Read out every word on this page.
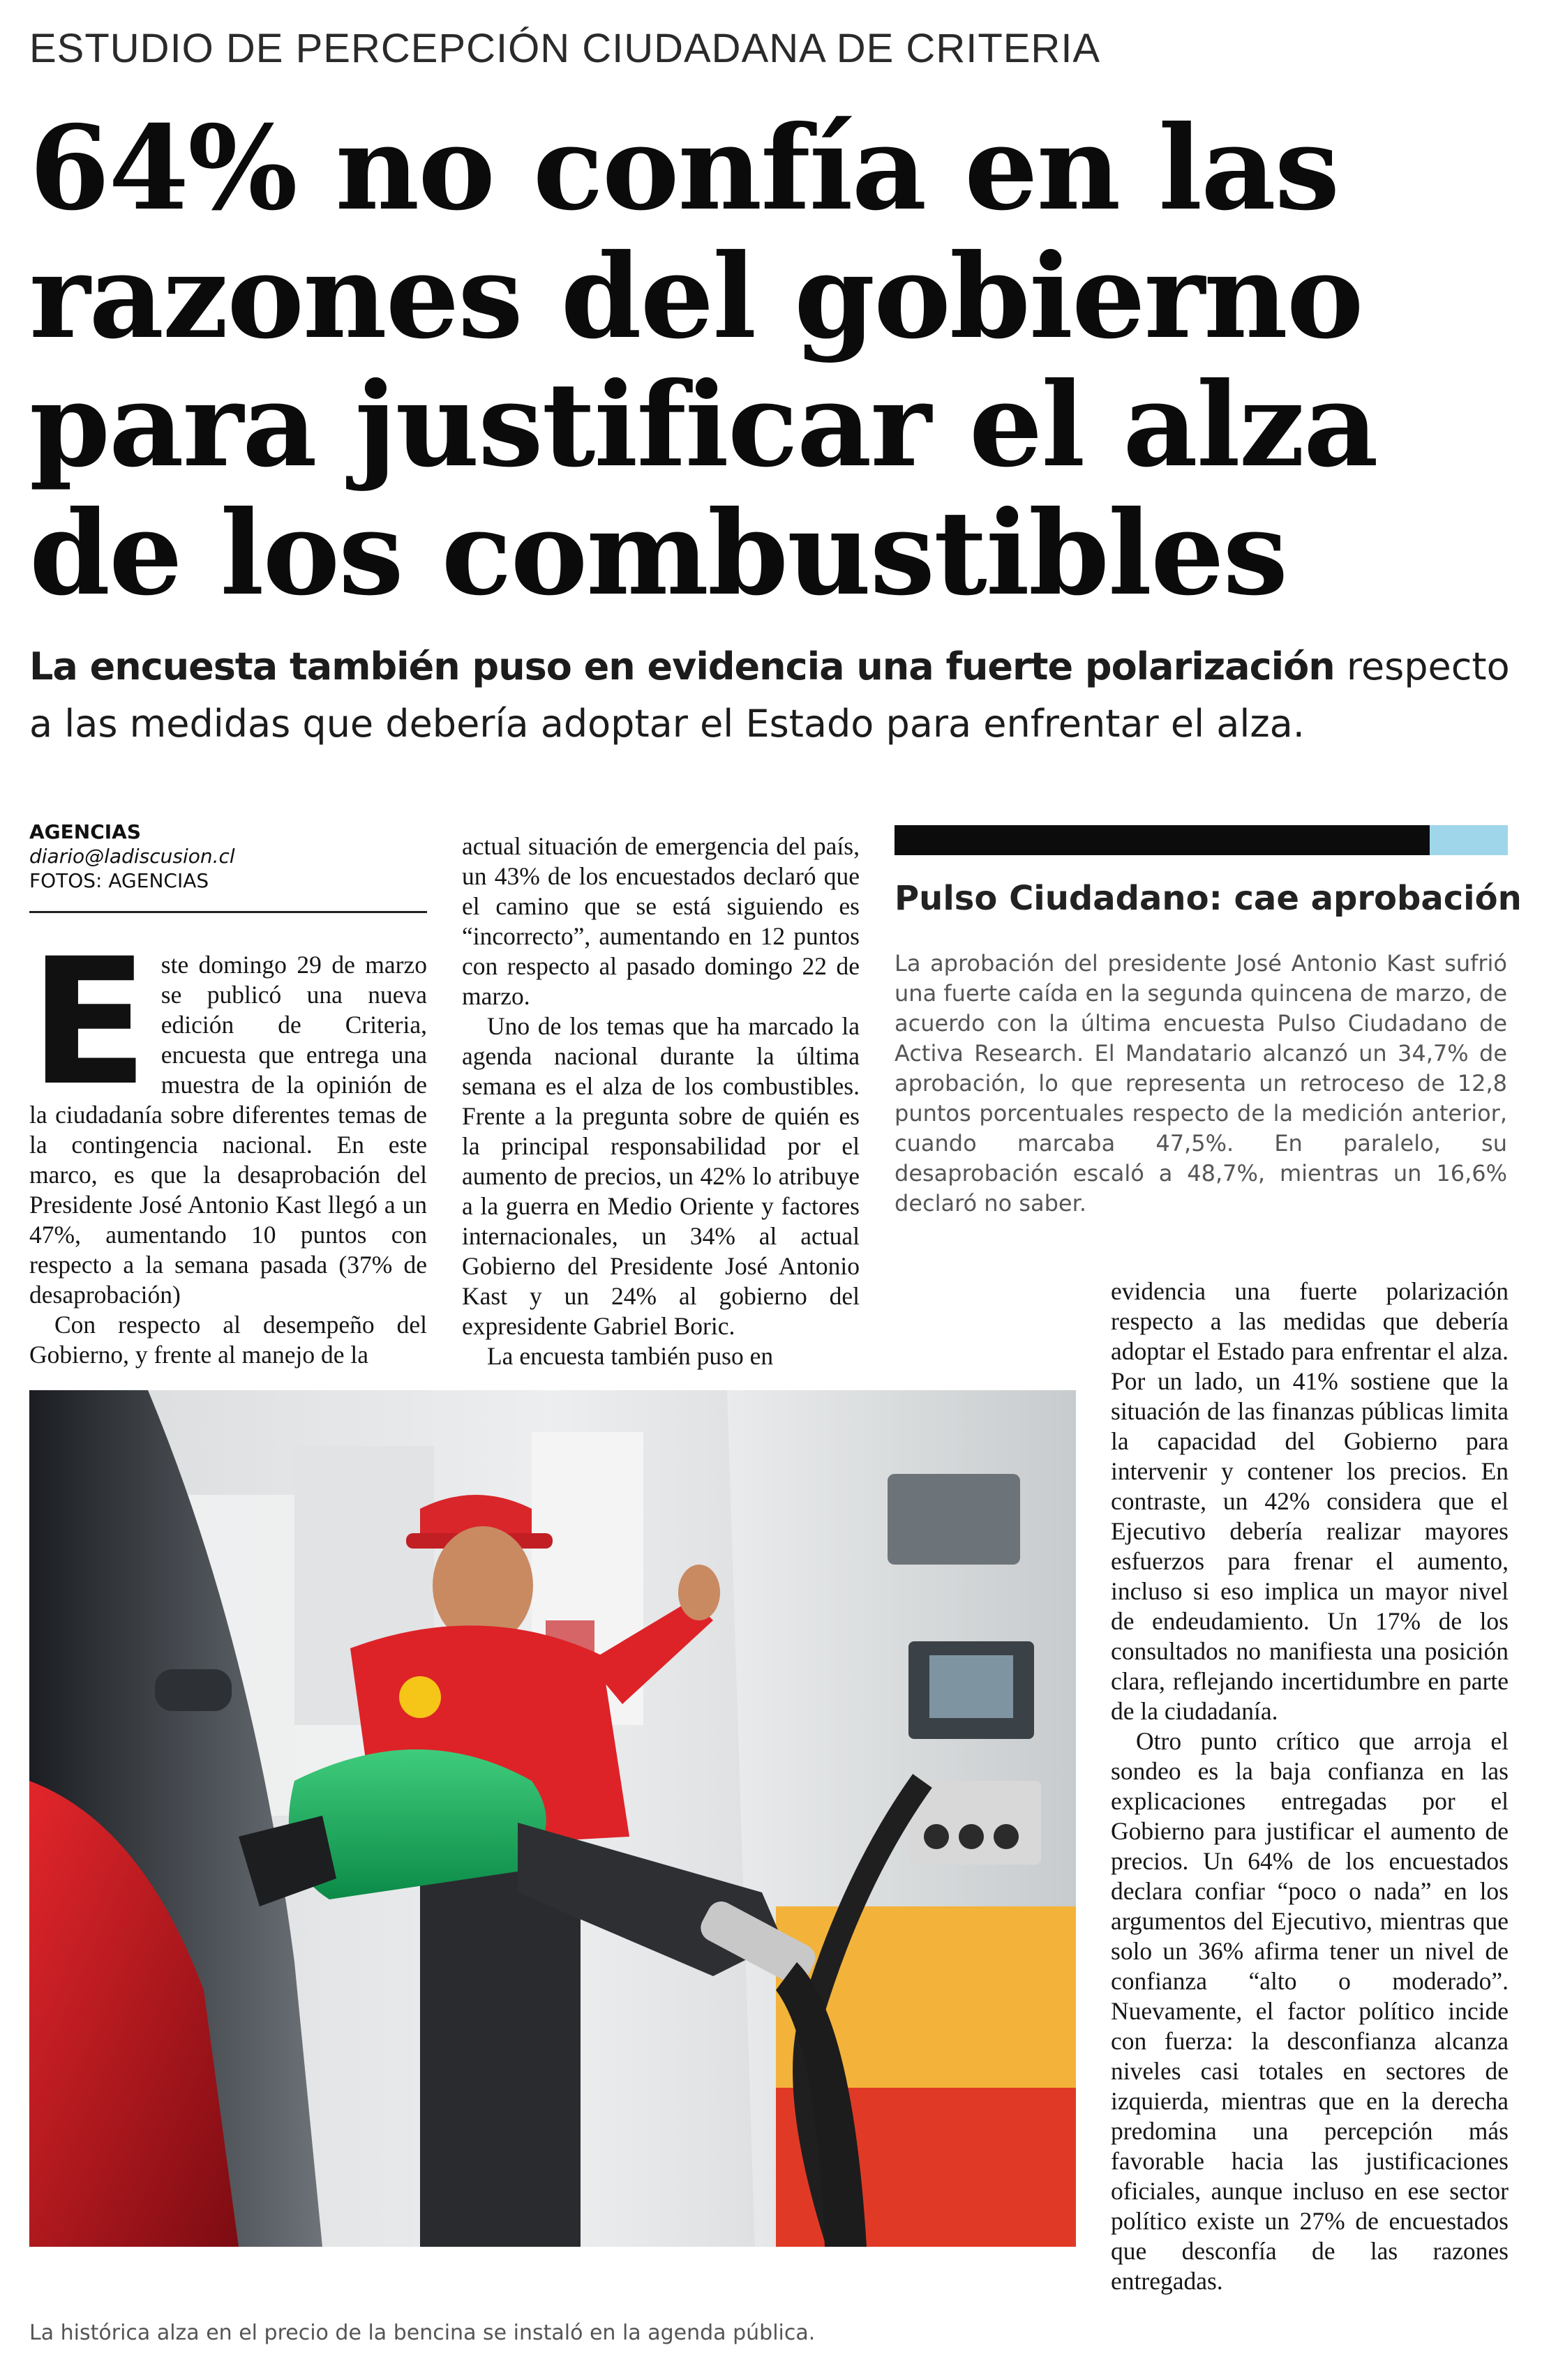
ESTUDIO DE PERCEPCIÓN CIUDADANA DE CRITERIA
64% no confía en las
razones del gobierno
para justificar el alza
de los combustibles

La encuesta también puso en evidencia una fuerte polarización respecto a las medidas que debería adoptar el Estado para enfrentar el alza.

AGENCIAS
diario@ladiscusion.cl
FOTOS: AGENCIAS

Este domingo 29 de marzo se publicó una nueva edición de Criteria, encuesta que entrega una muestra de la opinión de la ciudadanía sobre diferentes temas de la contingencia nacional. En este marco, es que la desaprobación del Presidente José Antonio Kast llegó a un 47%, aumentando 10 puntos con respecto a la semana pasada (37% de desaprobación)

Con respecto al desempeño del Gobierno, y frente al manejo de la

actual situación de emergencia del país, un 43% de los encuestados declaró que el camino que se está siguiendo es “incorrecto”, aumentando en 12 puntos con respecto al pasado domingo 22 de marzo.

Uno de los temas que ha marcado la agenda nacional durante la última semana es el alza de los combustibles. Frente a la pregunta sobre de quién es la principal responsabilidad por el aumento de precios, un 42% lo atribuye a la guerra en Medio Oriente y factores internacionales, un 34% al actual Gobierno del Presidente José Antonio Kast y un 24% al gobierno del expresidente Gabriel Boric.

La encuesta también puso en

Pulso Ciudadano: cae aprobación

La aprobación del presidente José Antonio Kast sufrió una fuerte caída en la segunda quincena de marzo, de acuerdo con la última encuesta Pulso Ciudadano de Activa Research. El Mandatario alcanzó un 34,7% de aprobación, lo que representa un retroceso de 12,8 puntos porcentuales respecto de la medición anterior, cuando marcaba 47,5%. En paralelo, su desaprobación escaló a 48,7%, mientras un 16,6% declaró no saber.

La histórica alza en el precio de la bencina se instaló en la agenda pública.

evidencia una fuerte polarización respecto a las medidas que debería adoptar el Estado para enfrentar el alza. Por un lado, un 41% sostiene que la situación de las finanzas públicas limita la capacidad del Gobierno para intervenir y contener los precios. En contraste, un 42% considera que el Ejecutivo debería realizar mayores esfuerzos para frenar el aumento, incluso si eso implica un mayor nivel de endeudamiento. Un 17% de los consultados no manifiesta una posición clara, reflejando incertidumbre en parte de la ciudadanía.

Otro punto crítico que arroja el sondeo es la baja confianza en las explicaciones entregadas por el Gobierno para justificar el aumento de precios. Un 64% de los encuestados declara confiar “poco o nada” en los argumentos del Ejecutivo, mientras que solo un 36% afirma tener un nivel de confianza “alto o moderado”. Nuevamente, el factor político incide con fuerza: la desconfianza alcanza niveles casi totales en sectores de izquierda, mientras que en la derecha predomina una percepción más favorable hacia las justificaciones oficiales, aunque incluso en ese sector político existe un 27% de encuestados que desconfía de las razones entregadas.
